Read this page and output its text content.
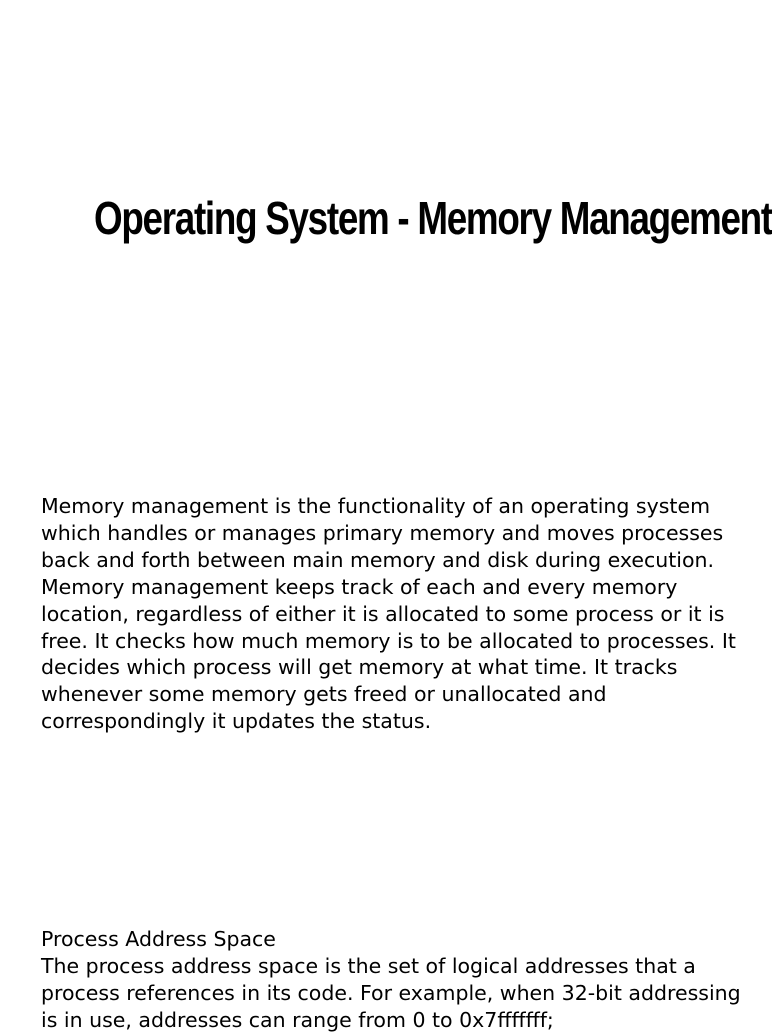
Operating System - Memory Management

Memory management is the functionality of an operating system which handles or manages primary memory and moves processes back and forth between main memory and disk during execution. Memory management keeps track of each and every memory location, regardless of either it is allocated to some process or it is free. It checks how much memory is to be allocated to processes. It decides which process will get memory at what time. It tracks whenever some memory gets freed or unallocated and correspondingly it updates the status.

Process Address Space

The process address space is the set of logical addresses that a process references in its code. For example, when 32-bit addressing is in use, addresses can range from 0 to 0x7fffffff;
